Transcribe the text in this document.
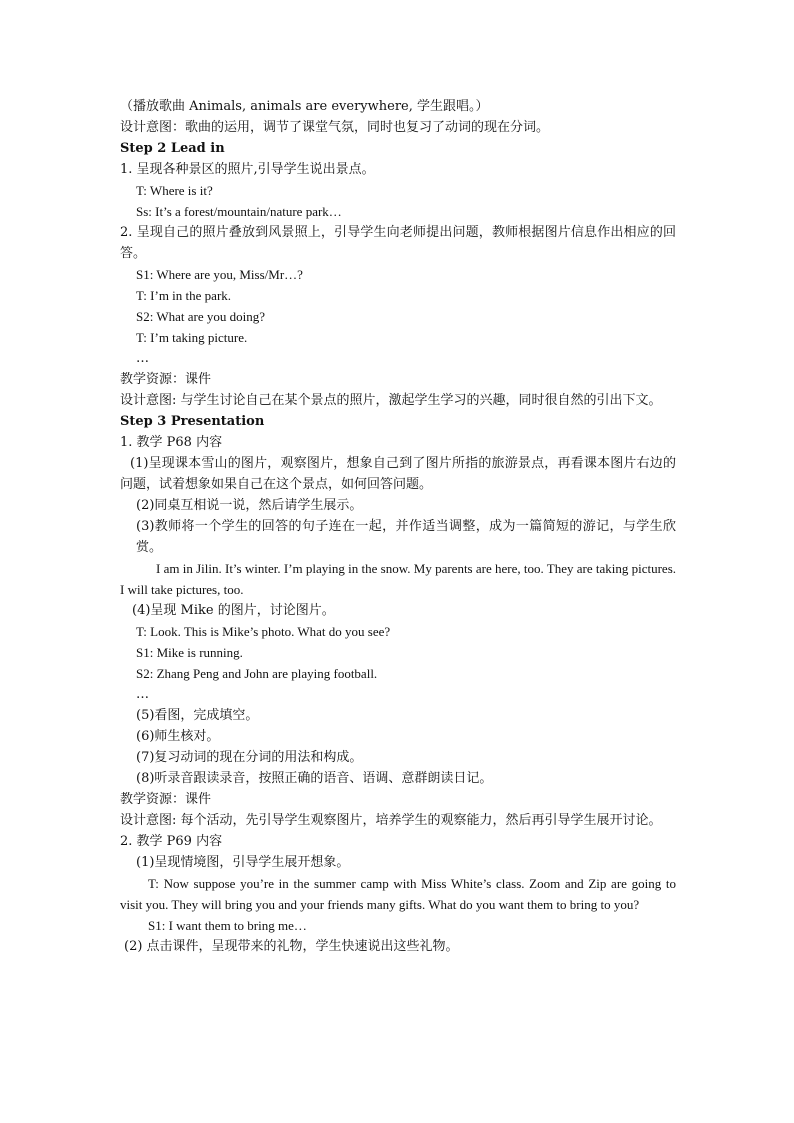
（播放歌曲 Animals, animals are everywhere, 学生跟唱。）
设计意图：歌曲的运用，调节了课堂气氛，同时也复习了动词的现在分词。
Step 2 Lead in
1. 呈现各种景区的照片,引导学生说出景点。
T: Where is it?
Ss: It’s a forest/mountain/nature park…
2. 呈现自己的照片叠放到风景照上，引导学生向老师提出问题，教师根据图片信息作出相应的回答。
S1: Where are you, Miss/Mr…?
T: I’m in the park.
S2: What are you doing?
T: I’m taking picture.
…
教学资源：课件
设计意图: 与学生讨论自己在某个景点的照片，激起学生学习的兴趣，同时很自然的引出下文。
Step 3 Presentation
1. 教学 P68 内容
(1)呈现课本雪山的图片，观察图片，想象自己到了图片所指的旅游景点，再看课本图片右边的问题，试着想象如果自己在这个景点，如何回答问题。
(2)同桌互相说一说，然后请学生展示。
(3)教师将一个学生的回答的句子连在一起，并作适当调整，成为一篇简短的游记，与学生欣赏。
I am in Jilin. It’s winter. I’m playing in the snow. My parents are here, too. They are taking pictures. I will take pictures, too.
(4)呈现 Mike 的图片，讨论图片。
T: Look. This is Mike’s photo. What do you see?
S1: Mike is running.
S2: Zhang Peng and John are playing football.
…
(5)看图，完成填空。
(6)师生核对。
(7)复习动词的现在分词的用法和构成。
(8)听录音跟读录音，按照正确的语音、语调、意群朗读日记。
教学资源：课件
设计意图: 每个活动，先引导学生观察图片，培养学生的观察能力，然后再引导学生展开讨论。
2. 教学 P69 内容
(1)呈现情境图，引导学生展开想象。
T: Now suppose you’re in the summer camp with Miss White’s class. Zoom and Zip are going to visit you. They will bring you and your friends many gifts. What do you want them to bring to you?
S1: I want them to bring me…
(2) 点击课件，呈现带来的礼物，学生快速说出这些礼物。
